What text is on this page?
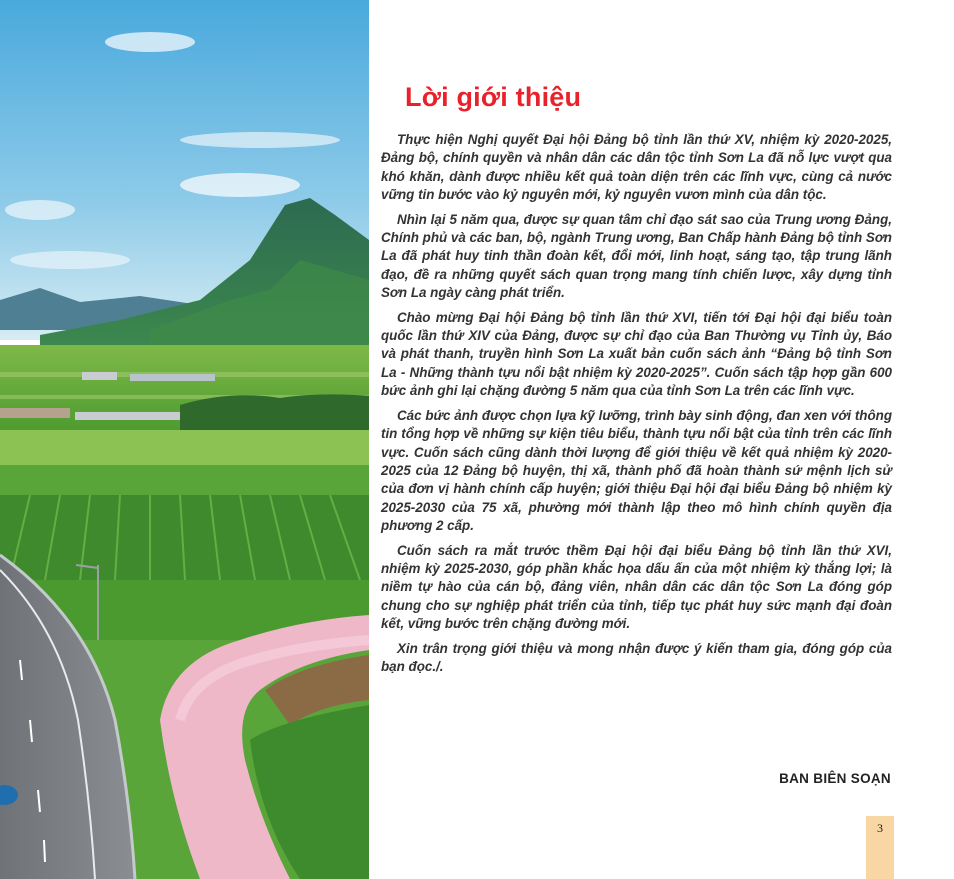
Lời giới thiệu

Thực hiện Nghị quyết Đại hội Đảng bộ tỉnh lần thứ XV, nhiệm kỳ 2020-2025, Đảng bộ, chính quyền và nhân dân các dân tộc tỉnh Sơn La đã nỗ lực vượt qua khó khăn, dành được nhiều kết quả toàn diện trên các lĩnh vực, cùng cả nước vững tin bước vào kỷ nguyên mới, kỷ nguyên vươn mình của dân tộc.

Nhìn lại 5 năm qua, được sự quan tâm chỉ đạo sát sao của Trung ương Đảng, Chính phủ và các ban, bộ, ngành Trung ương, Ban Chấp hành Đảng bộ tỉnh Sơn La đã phát huy tinh thần đoàn kết, đổi mới, linh hoạt, sáng tạo, tập trung lãnh đạo, đề ra những quyết sách quan trọng mang tính chiến lược, xây dựng tỉnh Sơn La ngày càng phát triển.

Chào mừng Đại hội Đảng bộ tỉnh lần thứ XVI, tiến tới Đại hội đại biểu toàn quốc lần thứ XIV của Đảng, được sự chỉ đạo của Ban Thường vụ Tỉnh ủy, Báo và phát thanh, truyền hình Sơn La xuất bản cuốn sách ảnh “Đảng bộ tỉnh Sơn La - Những thành tựu nổi bật nhiệm kỳ 2020-2025”. Cuốn sách tập hợp gần 600 bức ảnh ghi lại chặng đường 5 năm qua của tỉnh Sơn La trên các lĩnh vực.

Các bức ảnh được chọn lựa kỹ lưỡng, trình bày sinh động, đan xen với thông tin tổng hợp về những sự kiện tiêu biểu, thành tựu nổi bật của tỉnh trên các lĩnh vực. Cuốn sách cũng dành thời lượng để giới thiệu về kết quả nhiệm kỳ 2020-2025 của 12 Đảng bộ huyện, thị xã, thành phố đã hoàn thành sứ mệnh lịch sử của đơn vị hành chính cấp huyện; giới thiệu Đại hội đại biểu Đảng bộ nhiệm kỳ 2025-2030 của 75 xã, phường mới thành lập theo mô hình chính quyền địa phương 2 cấp.

Cuốn sách ra mắt trước thềm Đại hội đại biểu Đảng bộ tỉnh lần thứ XVI, nhiệm kỳ 2025-2030, góp phần khắc họa dấu ấn của một nhiệm kỳ thắng lợi; là niềm tự hào của cán bộ, đảng viên, nhân dân các dân tộc Sơn La đóng góp chung cho sự nghiệp phát triển của tỉnh, tiếp tục phát huy sức mạnh đại đoàn kết, vững bước trên chặng đường mới.

Xin trân trọng giới thiệu và mong nhận được ý kiến tham gia, đóng góp của bạn đọc./.

BAN BIÊN SOẠN
3
